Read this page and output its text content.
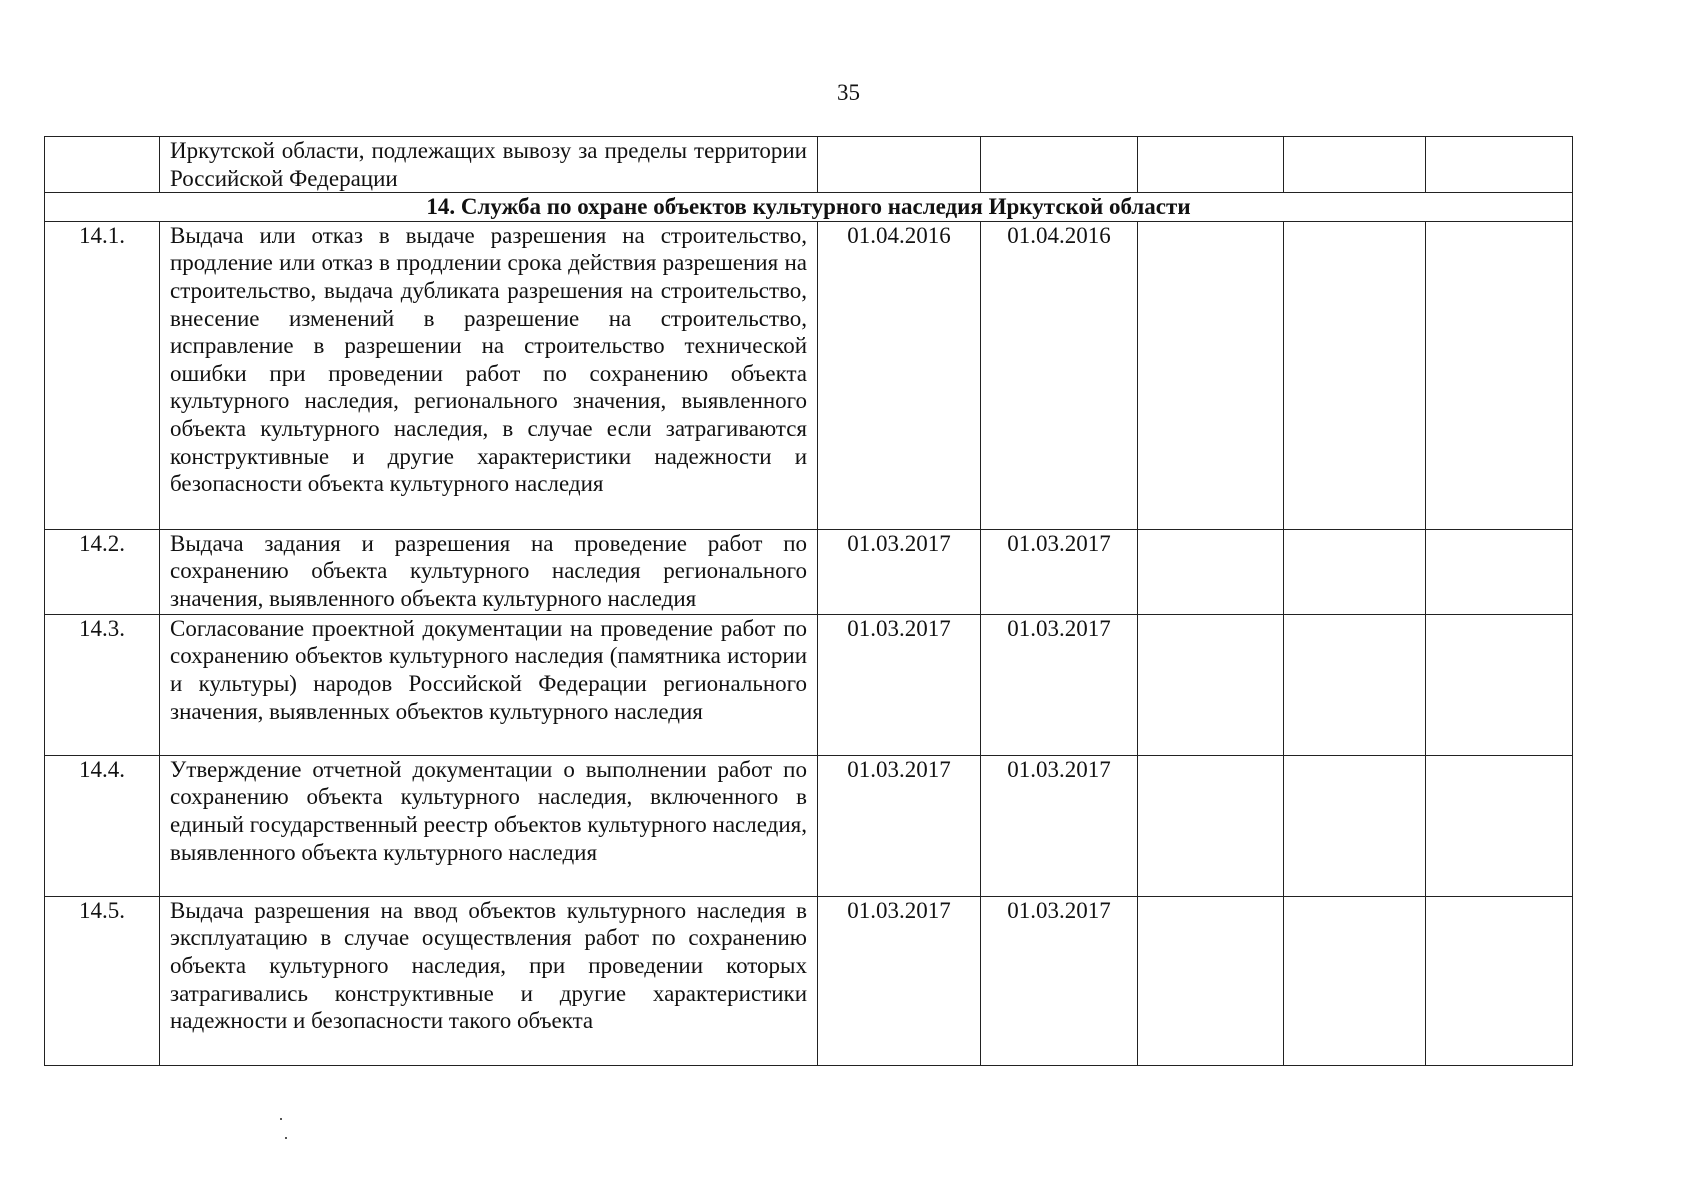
35
	Иркутской области, подлежащих вывозу за пределы территории Российской Федерации					
14. Служба по охране объектов культурного наследия Иркутской области						
14.1.	Выдача или отказ в выдаче разрешения на строительство, продление или отказ в продлении срока действия разрешения на строительство, выдача дубликата разрешения на строительство, внесение изменений в разрешение на строительство, исправление в разрешении на строительство технической ошибки при проведении работ по сохранению объекта культурного наследия, регионального значения, выявленного объекта культурного наследия, в случае если затрагиваются конструктивные и другие характеристики надежности и безопасности объекта культурного наследия	01.04.2016	01.04.2016			
14.2.	Выдача задания и разрешения на проведение работ по сохранению объекта культурного наследия регионального значения, выявленного объекта культурного наследия	01.03.2017	01.03.2017			
14.3.	Согласование проектной документации на проведение работ по сохранению объектов культурного наследия (памятника истории и культуры) народов Российской Федерации регионального значения, выявленных объектов культурного наследия	01.03.2017	01.03.2017			
14.4.	Утверждение отчетной документации о выполнении работ по сохранению объекта культурного наследия, включенного в единый государственный реестр объектов культурного наследия, выявленного объекта культурного наследия	01.03.2017	01.03.2017			
14.5.	Выдача разрешения на ввод объектов культурного наследия в эксплуатацию в случае осуществления работ по сохранению объекта культурного наследия, при проведении которых затрагивались конструктивные и другие характеристики надежности и безопасности такого объекта	01.03.2017	01.03.2017			
